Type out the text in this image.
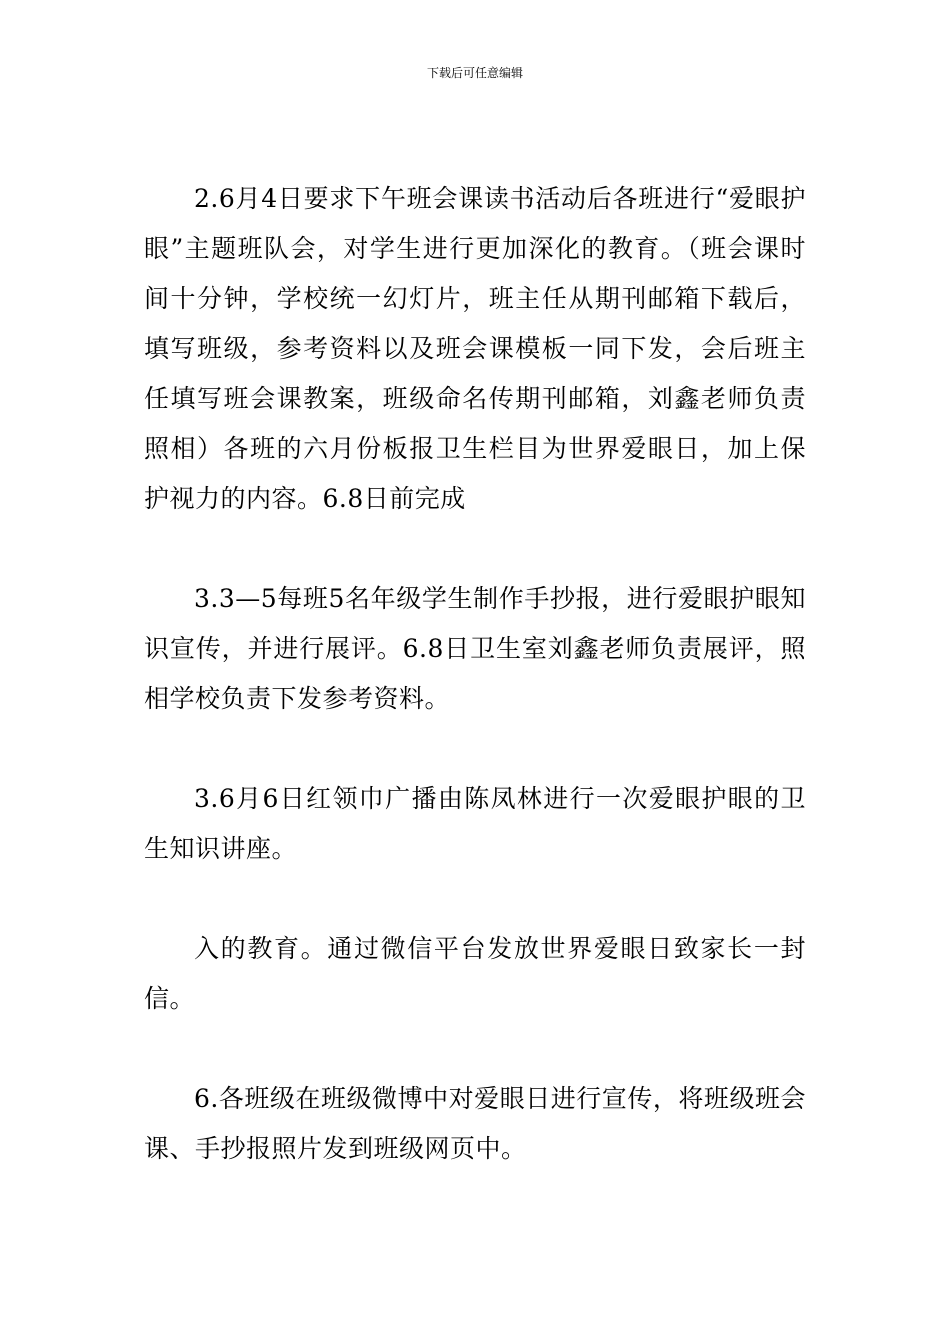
下载后可任意编辑

2.6月4日要求下午班会课读书活动后各班进行“爱眼护眼”主题班队会，对学生进行更加深化的教育。（班会课时间十分钟，学校统一幻灯片，班主任从期刊邮箱下载后，填写班级，参考资料以及班会课模板一同下发，会后班主任填写班会课教案，班级命名传期刊邮箱，刘鑫老师负责照相）各班的六月份板报卫生栏目为世界爱眼日，加上保护视力的内容。6.8日前完成

3.3—5每班5名年级学生制作手抄报，进行爱眼护眼知识宣传，并进行展评。6.8日卫生室刘鑫老师负责展评，照相学校负责下发参考资料。

3.6月6日红领巾广播由陈凤林进行一次爱眼护眼的卫生知识讲座。

入的教育。通过微信平台发放世界爱眼日致家长一封信。

6.各班级在班级微博中对爱眼日进行宣传，将班级班会课、手抄报照片发到班级网页中。
